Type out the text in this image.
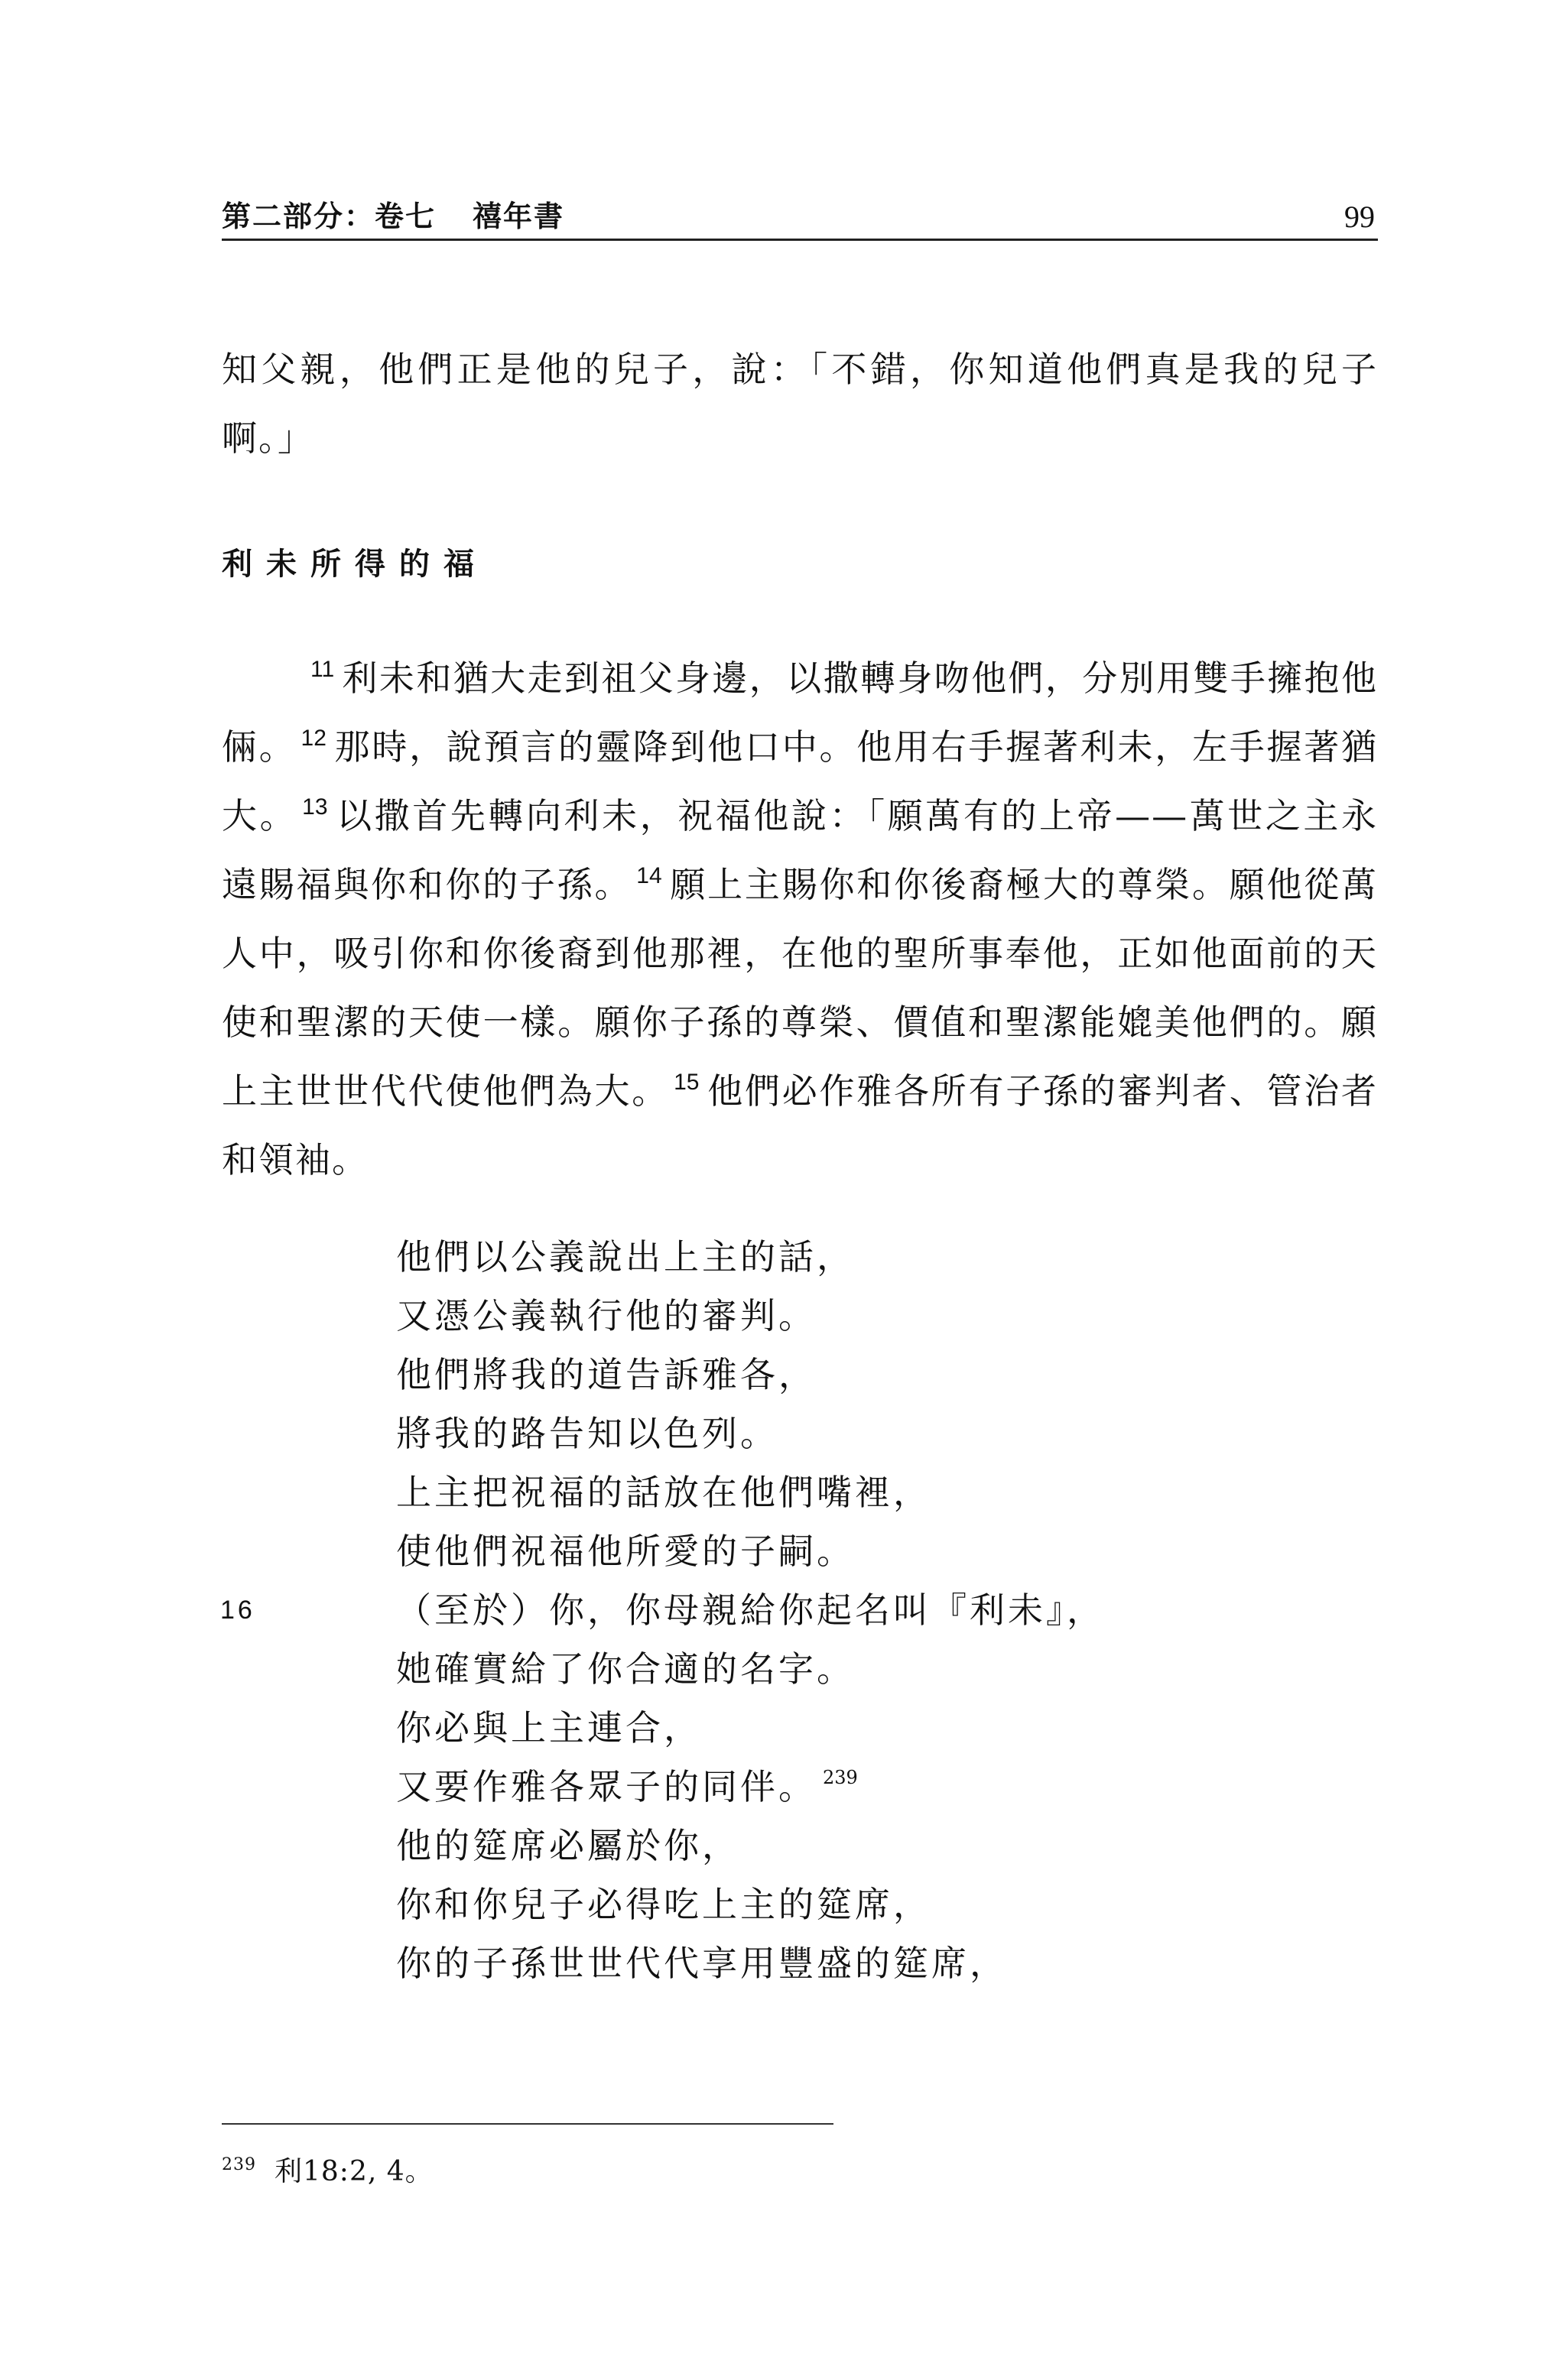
第二部分：卷七 禧年書	99

知父親，他們正是他的兒子，說：「不錯，你知道他們真是我的兒子啊。」

利未所得的福

$^{11}$ 利未和猶大走到祖父身邊，以撒轉身吻他們，分別用雙手擁抱他倆。 $^{12}$ 那時，說預言的靈降到他口中。他用右手握著利未，左手握著猶大。 $^{13}$ 以撒首先轉向利未，祝福他說：「願萬有的上帝——萬世之主永遠賜福與你和你的子孫。 $^{14}$ 願上主賜你和你後裔極大的尊榮。願他從萬人中，吸引你和你後裔到他那裡，在他的聖所事奉他，正如他面前的天使和聖潔的天使一樣。願你子孫的尊榮、價值和聖潔能媲美他們的。願上主世世代代使他們為大。 $^{15}$ 他們必作雅各所有子孫的審判者、管治者和領袖。

他們以公義說出上主的話，
又憑公義執行他的審判。
他們將我的道告訴雅各，
將我的路告知以色列。
上主把祝福的話放在他們嘴裡，
使他們祝福他所愛的子嗣。
16	（至於）你，你母親給你起名叫『利未』，
她確實給了你合適的名字。
你必與上主連合，
又要作雅各眾子的同伴。 $^{239}$
他的筵席必屬於你，
你和你兒子必得吃上主的筵席，
你的子孫世世代代享用豐盛的筵席，
$^{239}$ 利18:2, 4。
